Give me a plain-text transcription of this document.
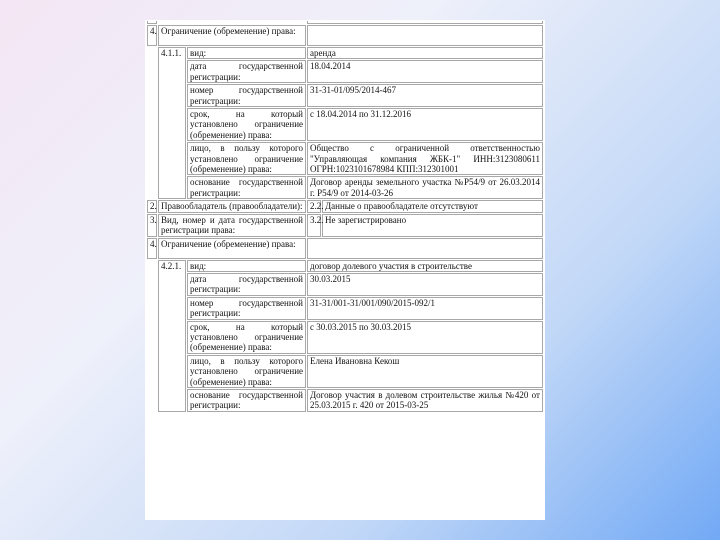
4.	Ограничение (обременение) права:			
	4.1.1.	вид:	аренда	
		дата государственной регистрации:	18.04.2014	
		номер государственной регистрации:	31-31-01/095/2014-467	
		срок, на который установлено ограничение (обременение) права:	с 18.04.2014 по 31.12.2016	
		лицо, в пользу которого установлено ограничение (обременение) права:	Общество с ограниченной ответственностью "Управляющая компания ЖБК-1" ИНН:3123080611 ОГРН:1023101678984 КПП:312301001	
		основание государственной регистрации:	Договор аренды земельного участка №Р54/9 от 26.03.2014 г. Р54/9 от 2014-03-26	
2.	Правообладатель (правообладатели):		2.2.	Данные о правообладателе отсутствуют
3.	Вид, номер и дата государственной регистрации права:		3.2.	Не зарегистрировано
4.	Ограничение (обременение) права:			
	4.2.1.	вид:	договор долевого участия в строительстве	
		дата государственной регистрации:	30.03.2015	
		номер государственной регистрации:	31-31/001-31/001/090/2015-092/1	
		срок, на который установлено ограничение (обременение) права:	с 30.03.2015 по 30.03.2015	
		лицо, в пользу которого установлено ограничение (обременение) права:	Елена Ивановна Кекош	
		основание государственной регистрации:	Договор участия в долевом строительстве жилья №420 от 25.03.2015 г. 420 от 2015-03-25	
